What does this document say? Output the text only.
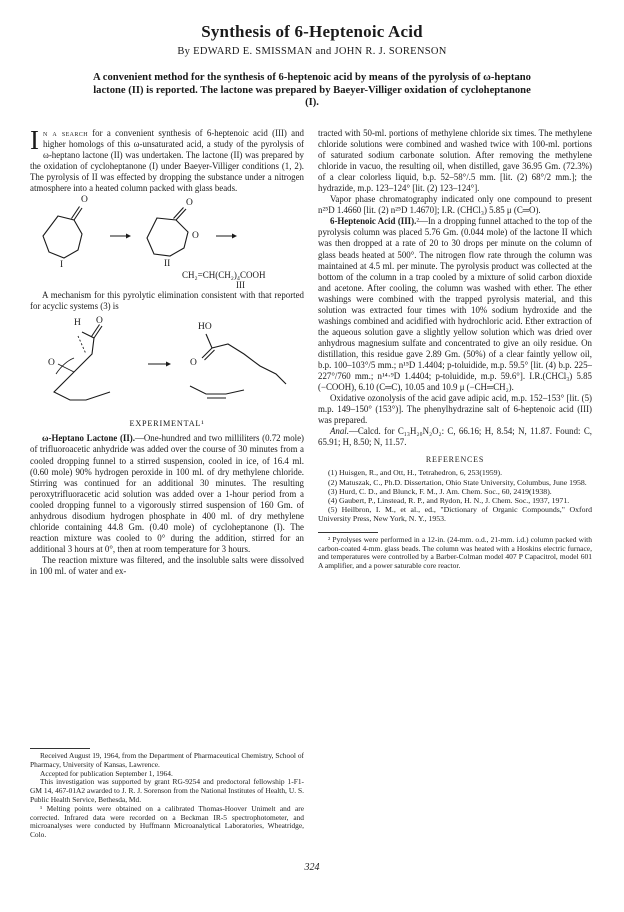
Synthesis of 6-Heptenoic Acid
By EDWARD E. SMISSMAN and JOHN R. J. SORENSON
A convenient method for the synthesis of 6-heptenoic acid by means of the pyrolysis of ω-heptano lactone (II) is reported. The lactone was prepared by Baeyer-Villiger oxidation of cycloheptanone (I).

In a search for a convenient synthesis of 6-heptenoic acid (III) and higher homologs of this ω-unsaturated acid, a study of the pyrolysis of ω-heptano lactone (II) was undertaken. The lactone (II) was prepared by the oxidation of cycloheptanone (I) under Baeyer-Villiger conditions (1, 2). The pyrolysis of II was effected by dropping the substance under a nitrogen atmosphere into a heated column packed with glass beads.

O	O
O
I	II
CH₂=CH(CH₂)₄COOH
III

A mechanism for this pyrolytic elimination consistent with that reported for acyclic systems (3) is

H O
O
HO
O
EXPERIMENTAL¹

ω-Heptano Lactone (II).—One-hundred and two milliliters (0.72 mole) of trifluoroacetic anhydride was added over the course of 30 minutes from a cooled dropping funnel to a stirred suspension, cooled in ice, of 16.4 ml. (0.60 mole) 90% hydrogen peroxide in 100 ml. of dry methylene chloride. Stirring was continued for an additional 30 minutes. The resulting peroxytrifluoracetic acid solution was added over a 1-hour period from a cooled dropping funnel to a vigorously stirred suspension of 160 Gm. of anhydrous disodium hydrogen phosphate in 400 ml. of dry methylene chloride containing 44.8 Gm. (0.40 mole) of cycloheptanone (I). The reaction mixture was cooled to 0° during the addition, stirred for an additional 3 hours at 0°, then at room temperature for 3 hours.

The reaction mixture was filtered, and the insoluble salts were dissolved in 100 ml. of water and ex-

Received August 19, 1964, from the Department of Pharmaceutical Chemistry, School of Pharmacy, University of Kansas, Lawrence.

Accepted for publication September 1, 1964.

This investigation was supported by grant RG-9254 and predoctoral fellowship 1-F1-GM 14, 467-01A2 awarded to J. R. J. Sorenson from the National Institutes of Health, U. S. Public Health Service, Bethesda, Md.

¹ Melting points were obtained on a calibrated Thomas-Hoover Unimelt and are corrected. Infrared data were recorded on a Beckman IR-5 spectrophotometer, and microanalyses were conducted by Huffmann Microanalytical Laboratories, Wheatridge, Colo.

tracted with 50-ml. portions of methylene chloride six times. The methylene chloride solutions were combined and washed twice with 100-ml. portions of saturated sodium carbonate solution. After removing the methylene chloride in vacuo, the resulting oil, when distilled, gave 36.95 Gm. (72.3%) of a clear colorless liquid, b.p. 52–58°/.5 mm. [lit. (2) 68°/2 mm.]; the hydrazide, m.p. 123–124° [lit. (2) 123–124°].

Vapor phase chromatography indicated only one compound to present n²⁵D 1.4660 [lit. (2) n²⁵D 1.4670]; I.R. (CHCl₃) 5.85 μ (C═O).

6-Heptenoic Acid (III).²—In a dropping funnel attached to the top of the pyrolysis column was placed 5.76 Gm. (0.044 mole) of the lactone II which was then dropped at a rate of 20 to 30 drops per minute on the column of glass beads heated at 500°. The nitrogen flow rate through the column was maintained at 4.5 ml. per minute. The pyrolysis product was collected at the bottom of the column in a trap cooled by a mixture of solid carbon dioxide and acetone. After cooling, the column was washed with ether. The ether washings were combined with the trapped pyrolysis material, and this solution was extracted four times with 10% sodium hydroxide and the washings combined and acidified with hydrochloric acid. Ether extraction of the aqueous solution gave a slightly yellow solution which was dried over anhydrous magnesium sulfate and concentrated to give an oily residue. On distillation, this residue gave 2.89 Gm. (50%) of a clear faintly yellow oil, b.p. 100–103°/5 mm.; n¹⁵D 1.4404; p-toluidide, m.p. 59.5° [lit. (4) b.p. 225–227°/760 mm.; n¹⁴·⁹D 1.4404; p-toluidide, m.p. 59.6°]. I.R.(CHCl₃) 5.85 (−COOH), 6.10 (C═C), 10.05 and 10.9 μ (−CH═CH₂).

Oxidative ozonolysis of the acid gave adipic acid, m.p. 152–153° [lit. (5) m.p. 149–150° (153°)]. The phenylhydrazine salt of 6-heptenoic acid (III) was prepared.

Anal.—Calcd. for C₁₃H₂₀N₂O₂: C, 66.16; H, 8.54; N, 11.87. Found: C, 65.91; H, 8.50; N, 11.57.

REFERENCES

(1) Huisgen, R., and Ott, H., Tetrahedron, 6, 253(1959).

(2) Matuszak, C., Ph.D. Dissertation, Ohio State University, Columbus, June 1958.

(3) Hurd, C. D., and Blunck, F. M., J. Am. Chem. Soc., 60, 2419(1938).

(4) Gaubert, P., Linstead, R. P., and Rydon, H. N., J. Chem. Soc., 1937, 1971.

(5) Heilbron, I. M., et al., ed., "Dictionary of Organic Compounds," Oxford University Press, New York, N. Y., 1953.

² Pyrolyses were performed in a 12-in. (24-mm. o.d., 21-mm. i.d.) column packed with carbon-coated 4-mm. glass beads. The column was heated with a Hoskins electric furnace, and temperatures were controlled by a Barber-Colman model 407 P Capacitrol, model 601 A amplifier, and a power saturable core reactor.

324
